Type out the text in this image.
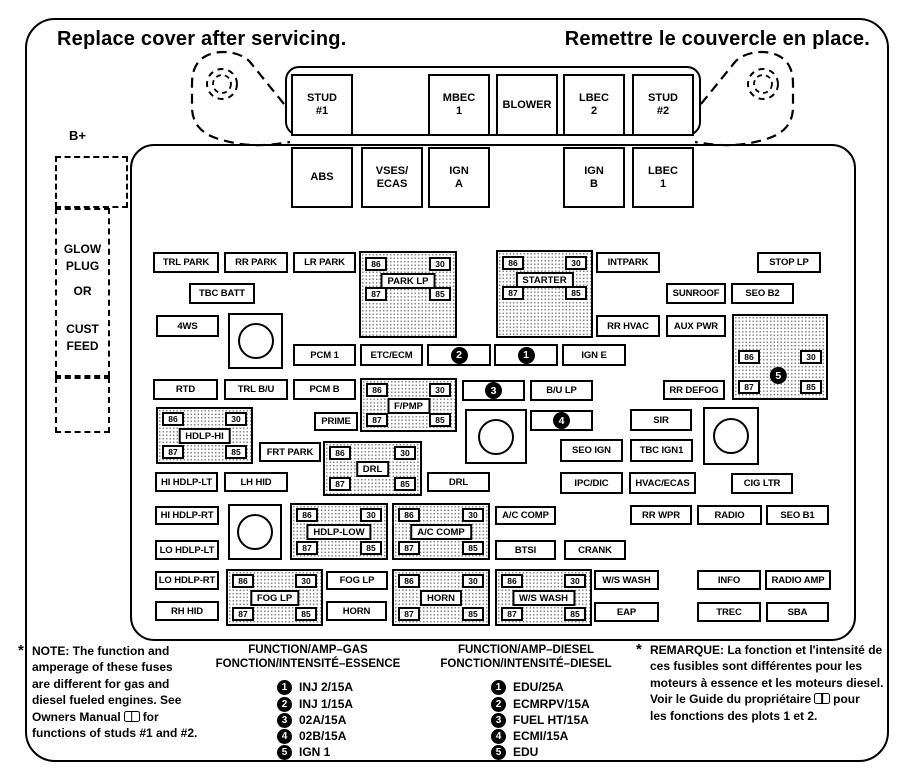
Replace cover after servicing.	Remettre le couvercle en place.
STUD
#1
MBEC
1
BLOWER
LBEC
2
STUD
#2
ABS
VSES/
ECAS
IGN
A
IGN
B
LBEC
1
B+
GLOW
PLUG
OR
CUST
FEED
TRL PARK	RR PARK	LR PARK	INTPARK	STOP LP
TBC BATT	SUNROOF	SEO B2
4WS	RR HVAC	AUX PWR
PCM 1	ETC/ECM	IGN E
RTD	TRL B/U	PCM B	B/U LP	RR DEFOG
PRIME	SIR
FRT PARK	SEO IGN	TBC IGN1
HI HDLP-LT	LH HID	DRL	IPC/DIC	HVAC/ECAS	CIG LTR
HI HDLP-RT	A/C COMP	RR WPR	RADIO	SEO B1
LO HDLP-LT	BTSI	CRANK
LO HDLP-RT	FOG LP	W/S WASH	INFO	RADIO AMP
RH HID	HORN	EAP	TREC	SBA
2	1
3
4
86	30
PARK LP
87	85
86	30
STARTER
87	85
86	30
5
87	85
86	30
F/PMP
87	85
86	30
HDLP-HI
87	85	86	30
DRL
87	85
86	30
HDLP-LOW
87	85
86	30
A/C COMP
87	85
86	30
FOG LP
87	85
86	30
HORN
87	85
86	30
W/S WASH
87	85
* NOTE: The function and
amperage of these fuses
are different for gas and
diesel fueled engines. See
Owners Manual for
functions of studs #1 and #2.
FUNCTION/AMP–GAS
FONCTION/INTENSITÉ–ESSENCE
1 INJ 2/15A
2 INJ 1/15A
3 02A/15A
4 02B/15A
5 IGN 1
FUNCTION/AMP–DIESEL
FONCTION/INTENSITÉ–DIESEL
1 EDU/25A
2 ECMRPV/15A
3 FUEL HT/15A
4 ECMI/15A
5 EDU
* REMARQUE: La fonction et l'intensité de
ces fusibles sont différentes pour les
moteurs à essence et les moteurs diesel.
Voir le Guide du propriétaire pour
les fonctions des plots 1 et 2.
